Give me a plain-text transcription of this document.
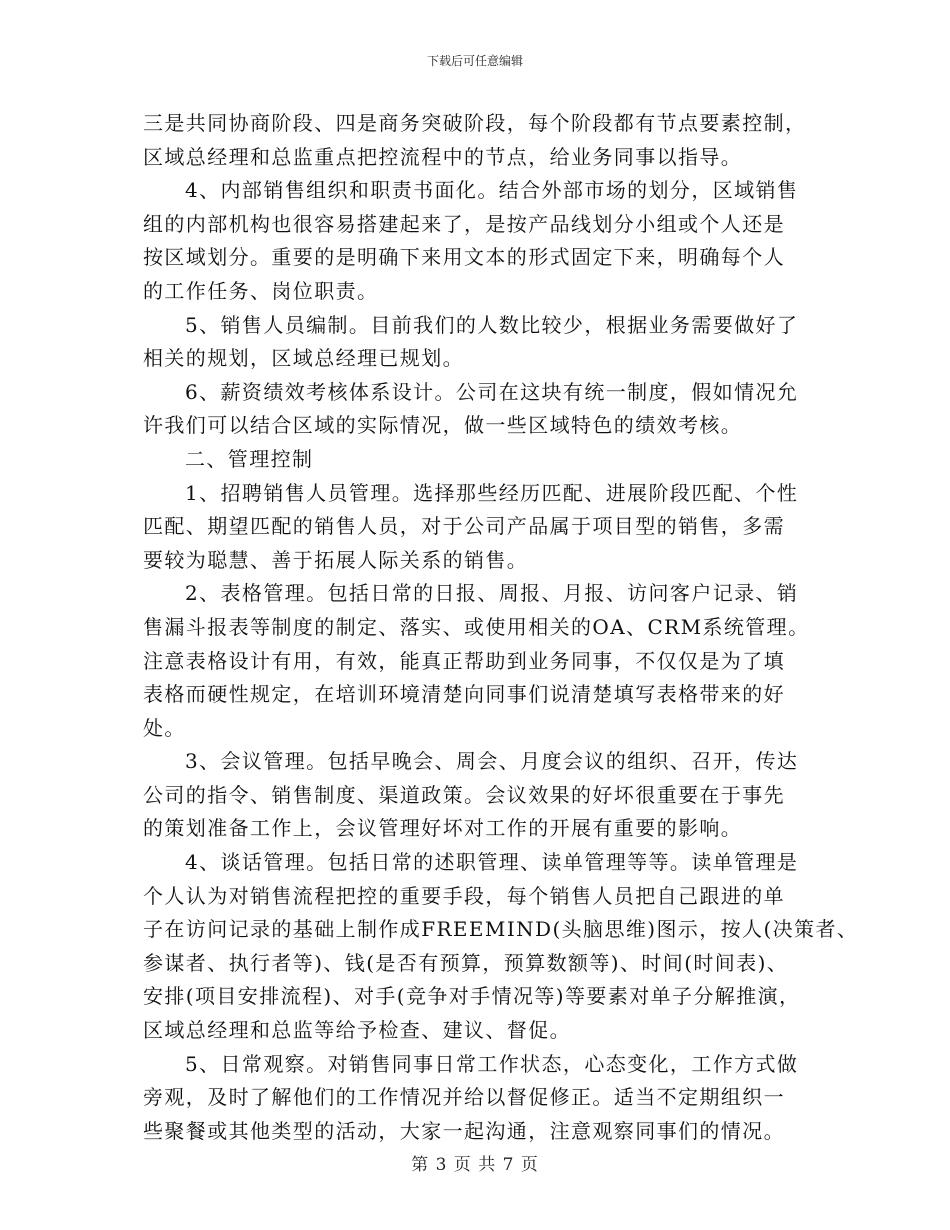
下载后可任意编辑
三是共同协商阶段、四是商务突破阶段，每个阶段都有节点要素控制，
区域总经理和总监重点把控流程中的节点，给业务同事以指导。
4、内部销售组织和职责书面化。结合外部市场的划分，区域销售
组的内部机构也很容易搭建起来了，是按产品线划分小组或个人还是
按区域划分。重要的是明确下来用文本的形式固定下来，明确每个人
的工作任务、岗位职责。
5、销售人员编制。目前我们的人数比较少，根据业务需要做好了
相关的规划，区域总经理已规划。
6、薪资绩效考核体系设计。公司在这块有统一制度，假如情况允
许我们可以结合区域的实际情况，做一些区域特色的绩效考核。
二、管理控制
1、招聘销售人员管理。选择那些经历匹配、进展阶段匹配、个性
匹配、期望匹配的销售人员，对于公司产品属于项目型的销售，多需
要较为聪慧、善于拓展人际关系的销售。
2、表格管理。包括日常的日报、周报、月报、访问客户记录、销
售漏斗报表等制度的制定、落实、或使用相关的OA、CRM系统管理。
注意表格设计有用，有效，能真正帮助到业务同事，不仅仅是为了填
表格而硬性规定，在培训环境清楚向同事们说清楚填写表格带来的好
处。
3、会议管理。包括早晚会、周会、月度会议的组织、召开，传达
公司的指令、销售制度、渠道政策。会议效果的好坏很重要在于事先
的策划准备工作上，会议管理好坏对工作的开展有重要的影响。
4、谈话管理。包括日常的述职管理、读单管理等等。读单管理是
个人认为对销售流程把控的重要手段，每个销售人员把自己跟进的单
子在访问记录的基础上制作成FREEMIND(头脑思维)图示，按人(决策者、
参谋者、执行者等)、钱(是否有预算，预算数额等)、时间(时间表)、
安排(项目安排流程)、对手(竞争对手情况等)等要素对单子分解推演，
区域总经理和总监等给予检查、建议、督促。
5、日常观察。对销售同事日常工作状态，心态变化，工作方式做
旁观，及时了解他们的工作情况并给以督促修正。适当不定期组织一
些聚餐或其他类型的活动，大家一起沟通，注意观察同事们的情况。
第 3 页 共 7 页
